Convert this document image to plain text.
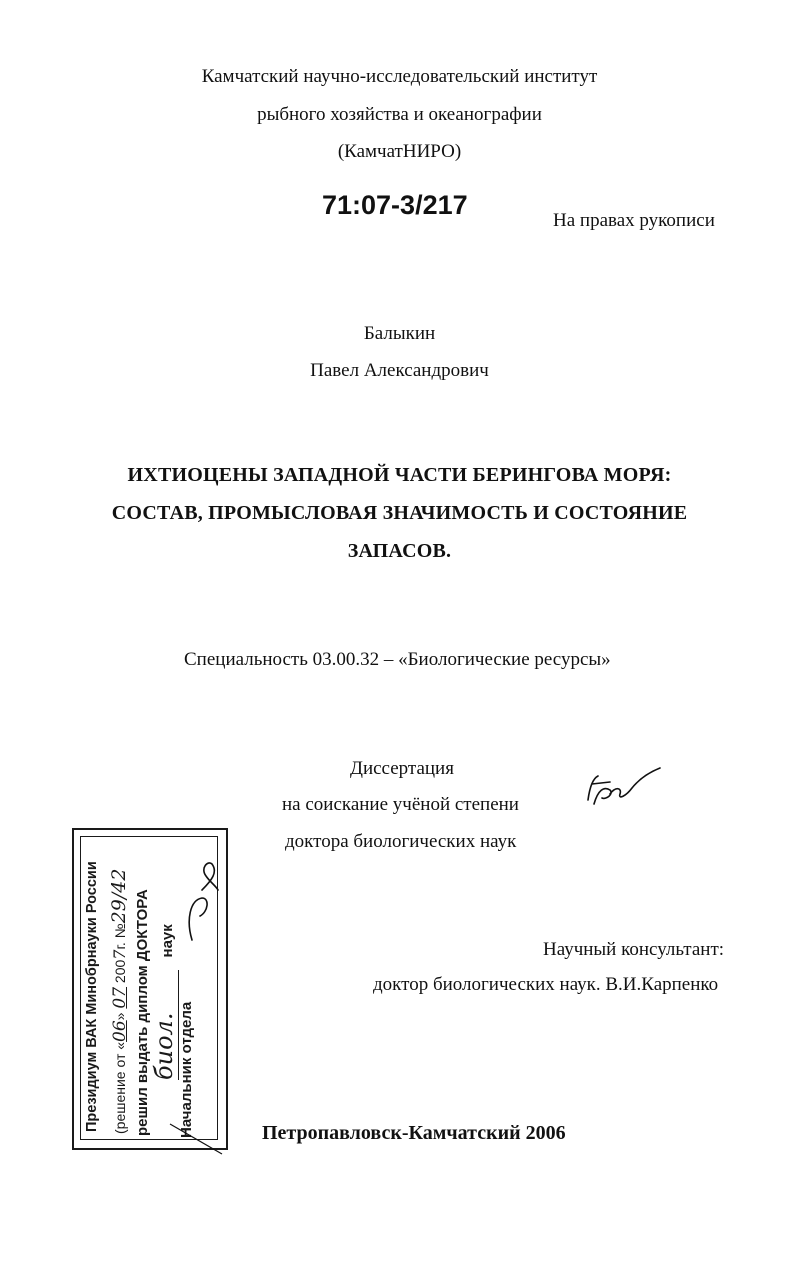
Камчатский научно-исследовательский институт
рыбного хозяйства и океанографии
(КамчатНИРО)
71:07-3/217
На правах рукописи
Балыкин
Павел Александрович
ИХТИОЦЕНЫ ЗАПАДНОЙ ЧАСТИ БЕРИНГОВА МОРЯ:
СОСТАВ, ПРОМЫСЛОВАЯ ЗНАЧИМОСТЬ И СОСТОЯНИЕ
ЗАПАСОВ.
Специальность 03.00.32 – «Биологические ресурсы»
Диссертация
на соискание учёной степени
доктора биологических наук
Научный консультант:
доктор биологических наук. В.И.Карпенко
Петропавловск-Камчатский 2006
Президиум ВАК Минобрнауки России (решение от «06» 07 2007г. №29/42 решил выдать диплом ДОКТОРА биол.   наук
Начальник отдела
